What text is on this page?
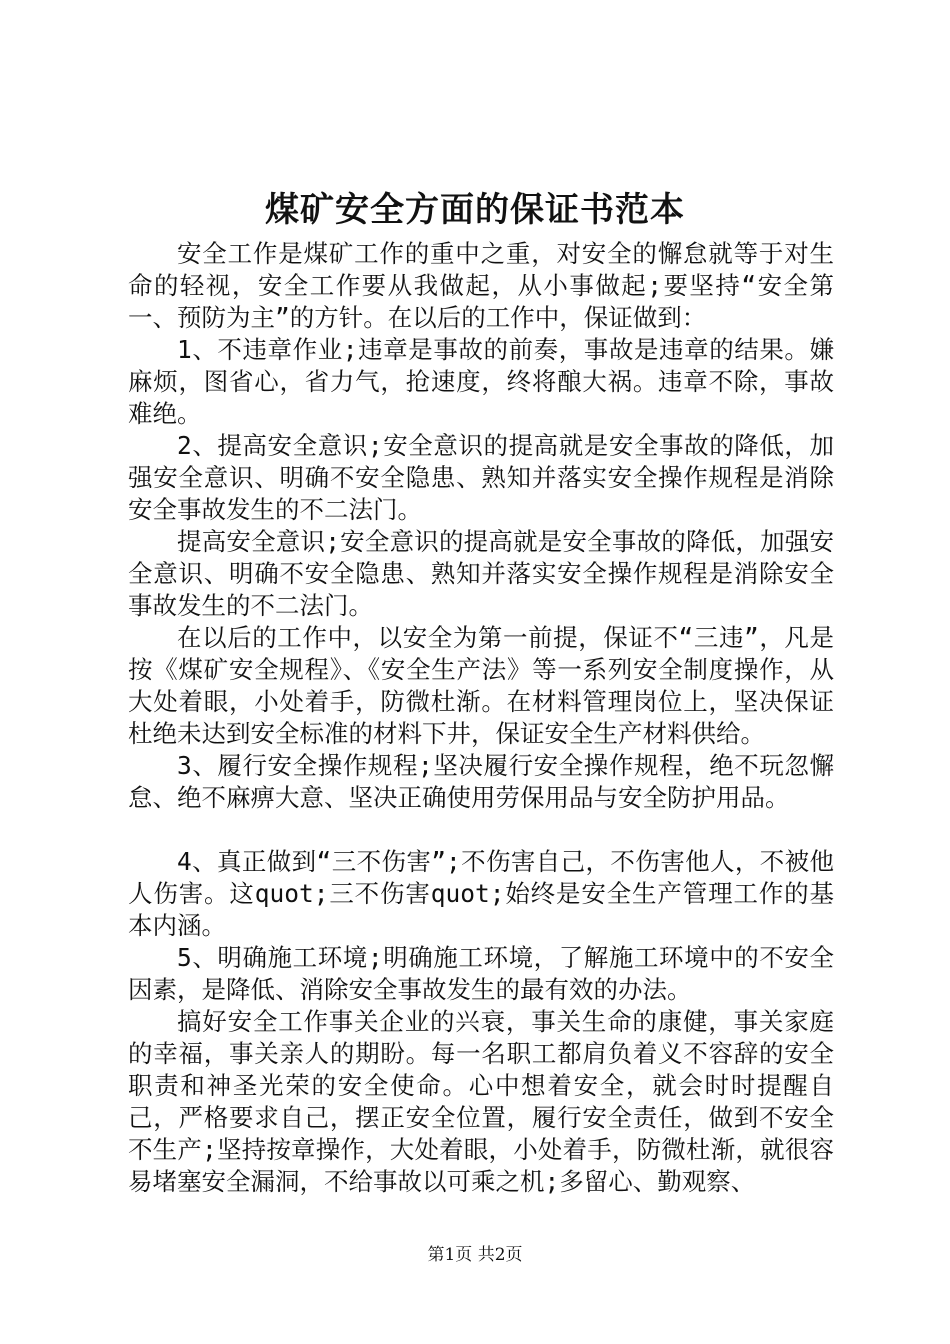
煤矿安全方面的保证书范本

安全工作是煤矿工作的重中之重，对安全的懈怠就等于对生命的轻视，安全工作要从我做起，从小事做起;要坚持“安全第一、预防为主”的方针。在以后的工作中，保证做到：

1、不违章作业;违章是事故的前奏，事故是违章的结果。嫌麻烦，图省心，省力气，抢速度，终将酿大祸。违章不除，事故难绝。

2、提高安全意识;安全意识的提高就是安全事故的降低，加强安全意识、明确不安全隐患、熟知并落实安全操作规程是消除安全事故发生的不二法门。

提高安全意识;安全意识的提高就是安全事故的降低，加强安全意识、明确不安全隐患、熟知并落实安全操作规程是消除安全事故发生的不二法门。

在以后的工作中，以安全为第一前提，保证不“三违”，凡是按《煤矿安全规程》、《安全生产法》等一系列安全制度操作，从大处着眼，小处着手，防微杜渐。在材料管理岗位上，坚决保证杜绝未达到安全标准的材料下井，保证安全生产材料供给。

3、履行安全操作规程;坚决履行安全操作规程，绝不玩忽懈怠、绝不麻痹大意、坚决正确使用劳保用品与安全防护用品。

4、真正做到“三不伤害”;不伤害自己，不伤害他人，不被他人伤害。这quot;三不伤害quot;始终是安全生产管理工作的基本内涵。

5、明确施工环境;明确施工环境，了解施工环境中的不安全因素，是降低、消除安全事故发生的最有效的办法。

搞好安全工作事关企业的兴衰，事关生命的康健，事关家庭的幸福，事关亲人的期盼。每一名职工都肩负着义不容辞的安全职责和神圣光荣的安全使命。心中想着安全，就会时时提醒自己，严格要求自己，摆正安全位置，履行安全责任，做到不安全不生产;坚持按章操作，大处着眼，小处着手，防微杜渐，就很容易堵塞安全漏洞，不给事故以可乘之机;多留心、勤观察、

第1页 共2页
